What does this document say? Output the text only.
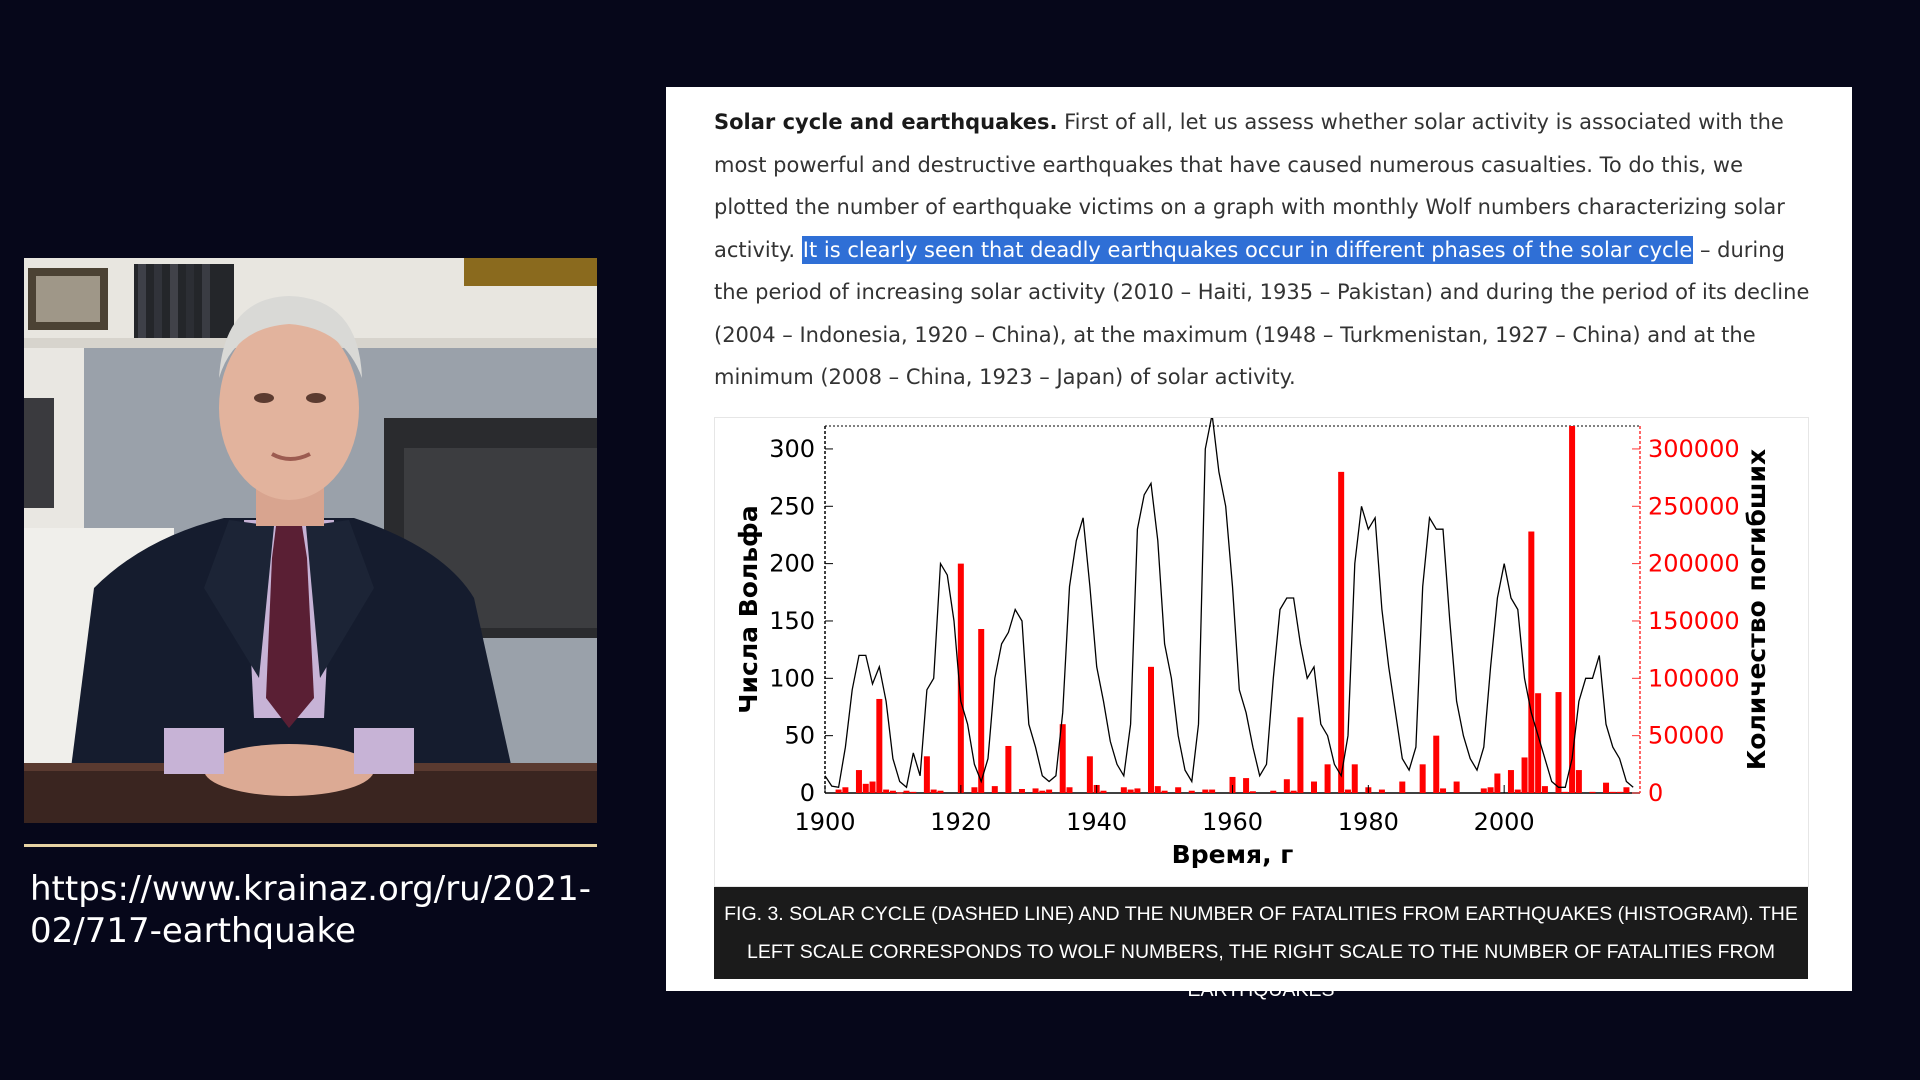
https://www.krainaz.org/ru/2021-02/717-earthquake

Solar cycle and earthquakes. First of all, let us assess whether solar activity is associated with the most powerful and destructive earthquakes that have caused numerous casualties. To do this, we plotted the number of earthquake victims on a graph with monthly Wolf numbers characterizing solar activity. It is clearly seen that deadly earthquakes occur in different phases of the solar cycle – during the period of increasing solar activity (2010 – Haiti, 1935 – Pakistan) and during the period of its decline (2004 – Indonesia, 1920 – China), at the maximum (1948 – Turkmenistan, 1927 – China) and at the minimum (2008 – China, 1923 – Japan) of solar activity.

0
50
100
150
200
250
300
0
50000
100000
150000
200000
250000
300000
1900	1920	1940	1960	1980	2000
Время, г
Числа Вольфа	Количество погибших
FIG. 3. SOLAR CYCLE (DASHED LINE) AND THE NUMBER OF FATALITIES FROM EARTHQUAKES (HISTOGRAM). THE LEFT SCALE CORRESPONDS TO WOLF NUMBERS, THE RIGHT SCALE TO THE NUMBER OF FATALITIES FROM EARTHQUAKES
